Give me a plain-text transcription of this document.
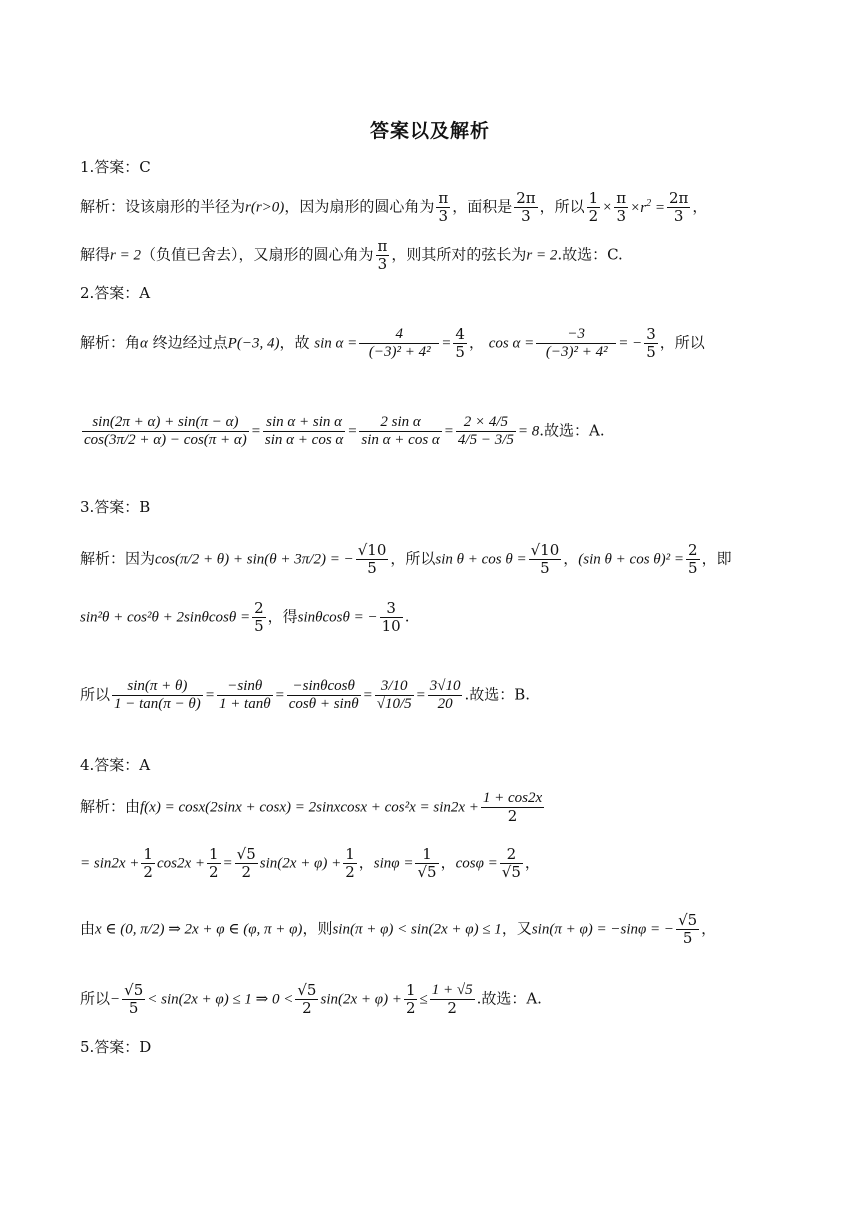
答案以及解析
1.答案：C
解析：设该扇形的半径为r(r>0)，因为扇形的圆心角为 $\frac{\pi}{3}$ ，面积是 $\frac{2\pi}{3}$ ，所以 $\frac{1}{2} \times \frac{\pi}{3} \times r^2 = \frac{2\pi}{3}$ ，
解得r = 2（负值已舍去），又扇形的圆心角为 $\frac{\pi}{3}$ ，则其所对的弦长为r = 2.故选：C.
2.答案：A
解析：角α 终边经过点P(−3, 4)，故 $\sin \alpha = \frac{4}{\text{(−3)² + 4²}} = \frac{4}{5}$ ， $\cos \alpha = \frac{-3}{\text{(−3)² + 4²}}$ = − $\frac{3}{5}$ ，所以
$\frac{\sin(2\pi + \alpha) + \sin(\pi - \alpha)}{\cos(3\pi/2 + \alpha) - \cos(\pi + \alpha)} = \frac{\text{sin α + sin α}}{\text{sin α + cos α}} = \frac{\text{2 sin α}}{\text{sin α + cos α}} = \frac{2 \times 4/5}{4/5 - 3/5} = 8$.故选：A.
3.答案：B
解析：因为cos(π/2 + θ) + sin(θ + 3π/2) = − $\frac{√10}{5}$ ，所以$\sin \theta + \cos \theta = \frac{√10}{5}$ ，(sin $\theta + \cos \theta)^2 = \frac{2}{5}$ ，即
$\sin^2\theta + \cos^2\theta + 2\sin\theta\cos\theta = \frac{2}{5}$ ，得sinθcosθ = − $\frac{3}{10}$ .
所以 $\frac{\sin(\pi + \theta)}{1 - \tan(\pi - \theta)} = \frac{-\sin\theta}{1 + \tan\theta} = \frac{-\sin\theta\cos\theta}{\cos\theta + \sin\theta} = \frac{3/10}{√10/5} = \frac{3√10}{20}$ .故选：B.
4.答案：A
解析：由f(x) = cosx(2sinx + cosx) = 2sinxcosx + $\cos^2x = \sin 2x + \frac{1 + \cos 2x}{2}$
= $\sin 2x + \frac{1}{2} \cos 2x + \frac{1}{2} = \frac{√5}{2} \sin(2x + \varphi) + \frac{1}{2}$ ，$\sin\varphi = \frac{1}{√5}$ ，$\cos\varphi = \frac{2}{√5}$ ，
由x ∈ (0, π/2) ⇒ 2x + φ ∈ (φ, π + φ)，则sin(π + φ) < sin(2x + φ) ≤ 1，又sin(π + φ) = −sinφ = − $\frac{√5}{5}$ ，
所以− $\frac{√5}{5} < \sin(2x + \varphi) \le 1$ ⇒ $0 < \frac{√5}{2} \sin(2x + \varphi) + \frac{1}{2} \le \frac{1 + √5}{2}$ .故选：A.
5.答案：D
